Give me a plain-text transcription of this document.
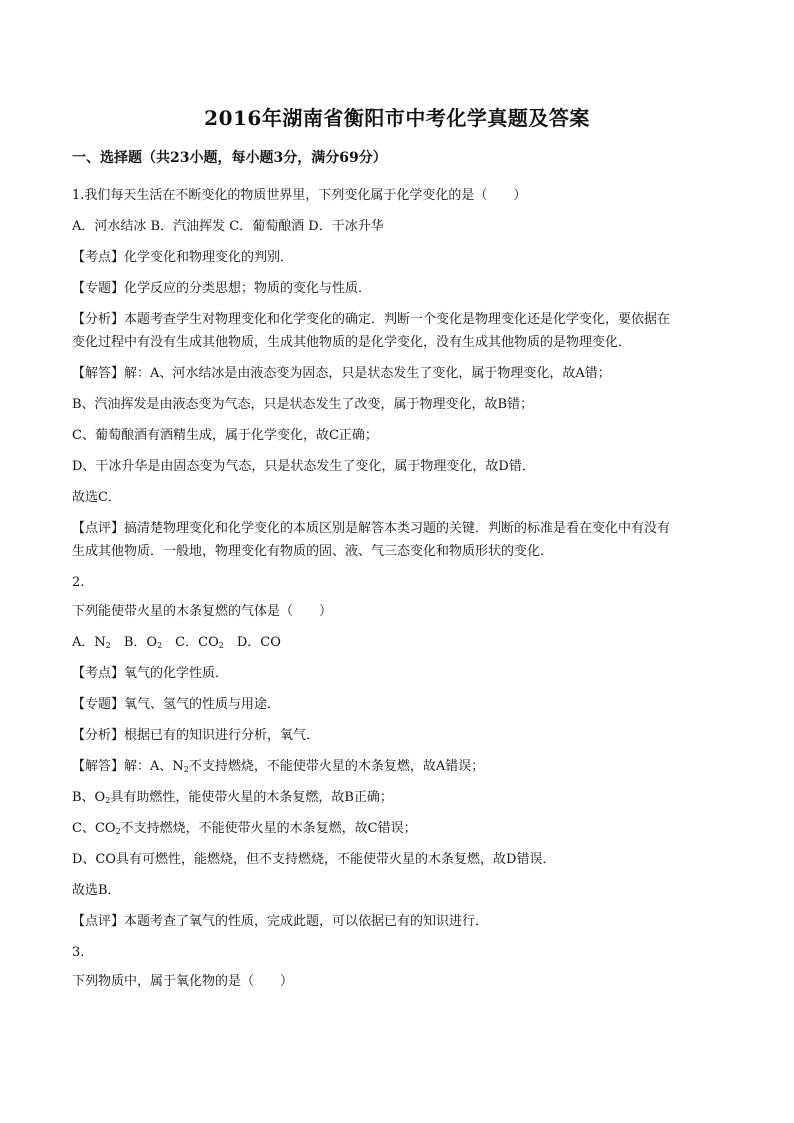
2016年湖南省衡阳市中考化学真题及答案
一、选择题（共23小题，每小题3分，满分69分）
1.我们每天生活在不断变化的物质世界里，下列变化属于化学变化的是（　　）
A．河水结冰 B．汽油挥发 C．葡萄酿酒 D．干冰升华
【考点】化学变化和物理变化的判别．
【专题】化学反应的分类思想；物质的变化与性质．
【分析】本题考查学生对物理变化和化学变化的确定．判断一个变化是物理变化还是化学变化，要依据在
变化过程中有没有生成其他物质，生成其他物质的是化学变化，没有生成其他物质的是物理变化．
【解答】解：A、河水结冰是由液态变为固态，只是状态发生了变化，属于物理变化，故A错；
B、汽油挥发是由液态变为气态，只是状态发生了改变，属于物理变化，故B错；
C、葡萄酿酒有酒精生成，属于化学变化，故C正确；
D、干冰升华是由固态变为气态，只是状态发生了变化，属于物理变化，故D错．
故选C．
【点评】搞清楚物理变化和化学变化的本质区别是解答本类习题的关键．判断的标准是看在变化中有没有
生成其他物质．一般地，物理变化有物质的固、液、气三态变化和物质形状的变化．
2.
下列能使带火星的木条复燃的气体是（　　）
A．$N_2$　B．$O_2$　C．$CO_2$　D．CO
【考点】氧气的化学性质．
【专题】氧气、氢气的性质与用途．
【分析】根据已有的知识进行分析，氧气．
【解答】解：A、$N_2$不支持燃烧，不能使带火星的木条复燃，故A错误；
B、$O_2$具有助燃性，能使带火星的木条复燃，故B正确；
C、$CO_2$不支持燃烧，不能使带火星的木条复燃，故C错误；
D、CO具有可燃性，能燃烧，但不支持燃烧，不能使带火星的木条复燃，故D错误．
故选B．
【点评】本题考查了氧气的性质，完成此题，可以依据已有的知识进行．
3.
下列物质中，属于氧化物的是（　　）
